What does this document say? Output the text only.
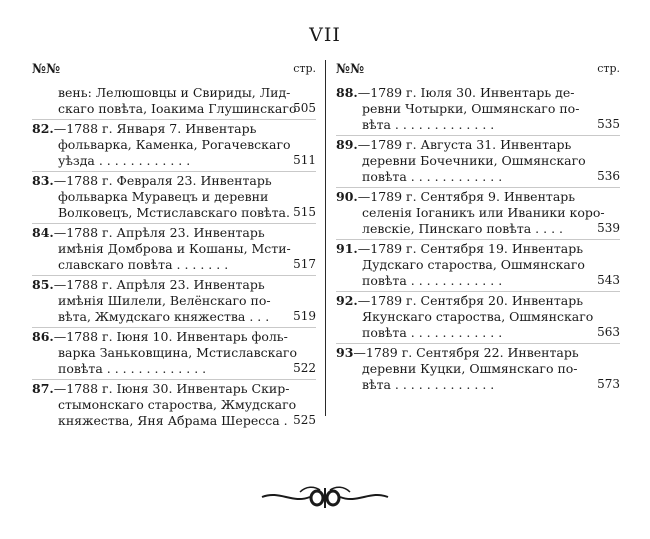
VII
№№	стр.
вень: Лелюшовцы и Свириды, Лид-
скаго повѣта, Іоакима Глушинскаго
505
82.—1788 г. Января 7. Инвентарь
фольварка, Каменка, Рогачевскаго
уѣзда . . . . . . . . . . . .	511
83.—1788 г. Февраля 23. Инвентарь
фольварка Муравецъ и деревни
Волковецъ, Мстиславскаго повѣта. 515
84.—1788 г. Апрѣля 23. Инвентарь
имѣнія Домброва и Кошаны, Мсти-
славскаго повѣта . . . . . . .	517
85.—1788 г. Апрѣля 23. Инвентарь
имѣнія Шилели, Велёнскаго по-
вѣта, Жмудскаго княжества . . .	519
86.—1788 г. Іюня 10. Инвентарь фоль-
варка Заньковщина, Мстиславскаго
повѣта . . . . . . . . . . . . .	522
87.—1788 г. Іюня 30. Инвентарь Скир-
стымонскаго староства, Жмудскаго
княжества, Яня Абрама Шересса . 525
№№	стр.
88.—1789 г. Іюля 30. Инвентарь де-
ревни Чотырки, Ошмянскаго по-
вѣта . . . . . . . . . . . . .	535
89.—1789 г. Августа 31. Инвентарь
деревни Бочечники, Ошмянскаго
повѣта . . . . . . . . . . . .	536
90.—1789 г. Сентября 9. Инвентарь
селенія Іоганикъ или Иваники коро-
левскіе, Пинскаго повѣта . . . .	539
91.—1789 г. Сентября 19. Инвентарь
Дудскаго староства, Ошмянскаго
повѣта . . . . . . . . . . . .	543
92.—1789 г. Сентября 20. Инвентарь
Якунскаго староства, Ошмянскаго
повѣта . . . . . . . . . . . .	563
93—1789 г. Сентября 22. Инвентарь
деревни Куцки, Ошмянскаго по-
вѣта . . . . . . . . . . . . .	573
